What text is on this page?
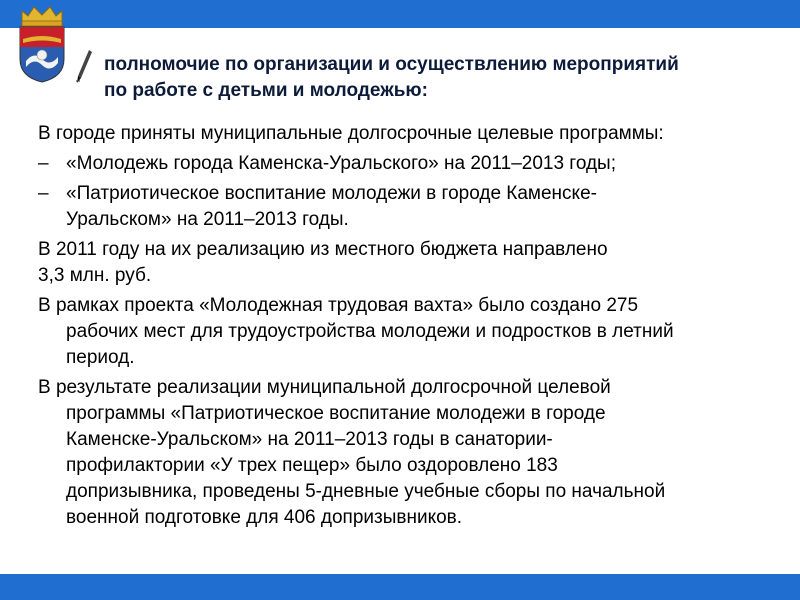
полномочие по организации и осуществлению мероприятий
по работе с детьми и молодежью:
В городе приняты муниципальные долгосрочные целевые программы:
– «Молодежь города Каменска-Уральского» на 2011–2013 годы;
– «Патриотическое воспитание молодежи в городе Каменске-
Уральском» на 2011–2013 годы.
В 2011 году на их реализацию из местного бюджета направлено
3,3 млн. руб.
В рамках проекта «Молодежная трудовая вахта» было создано 275
рабочих мест для трудоустройства молодежи и подростков в летний
период.
В результате реализации муниципальной долгосрочной целевой
программы «Патриотическое воспитание молодежи в городе
Каменске-Уральском» на 2011–2013 годы в санатории-
профилактории «У трех пещер» было оздоровлено 183
допризывника, проведены 5-дневные учебные сборы по начальной
военной подготовке для 406 допризывников.
